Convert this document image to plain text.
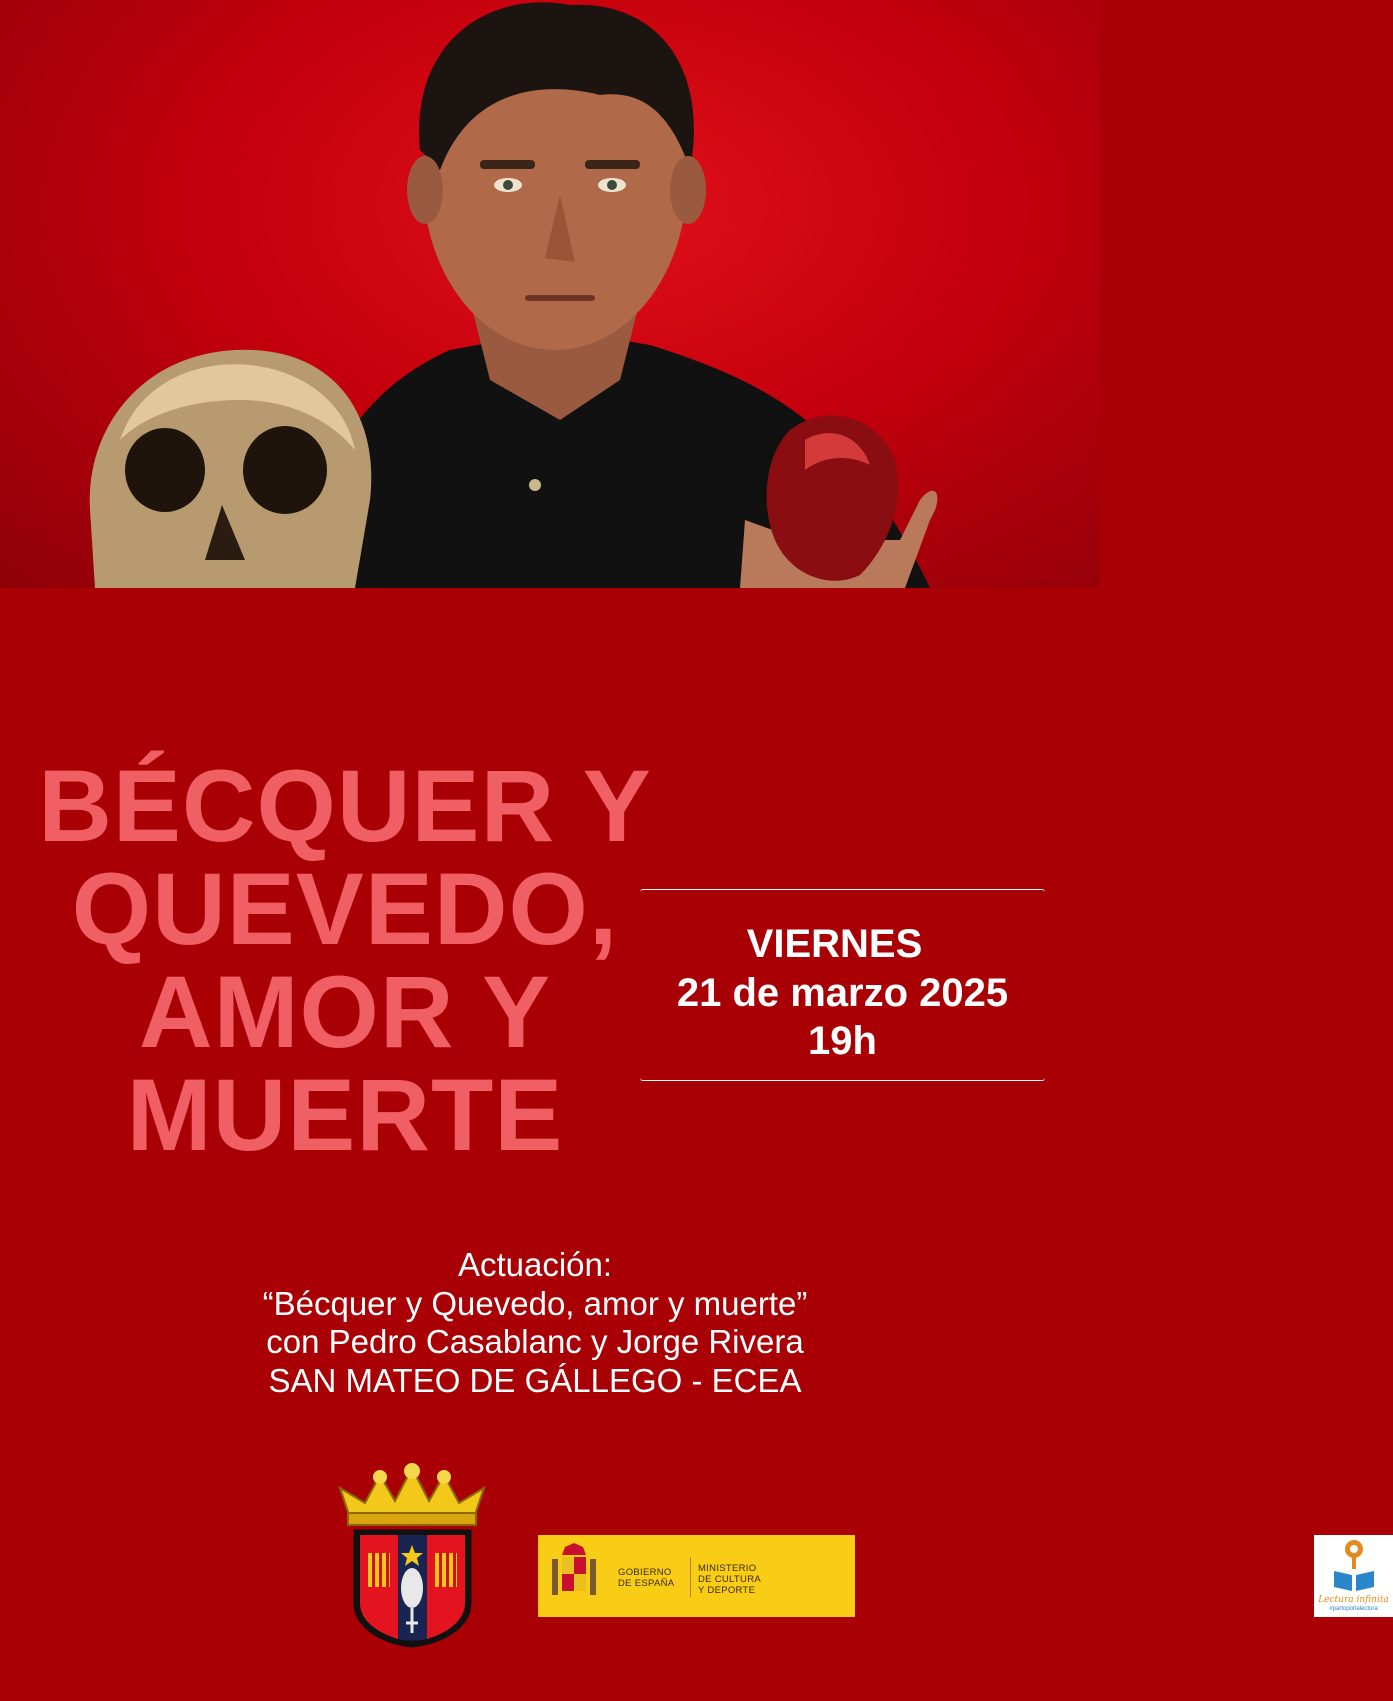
BÉCQUER Y
QUEVEDO,
AMOR Y
MUERTE
VIERNES
21 de marzo 2025
19h
Actuación:
“Bécquer y Quevedo, amor y muerte”
con Pedro Casablanc y Jorge Rivera
SAN MATEO DE GÁLLEGO - ECEA
GOBIERNO
DE ESPAÑA
MINISTERIO
DE CULTURA
Y DEPORTE
Lectura infinita
#partoporlalectura
